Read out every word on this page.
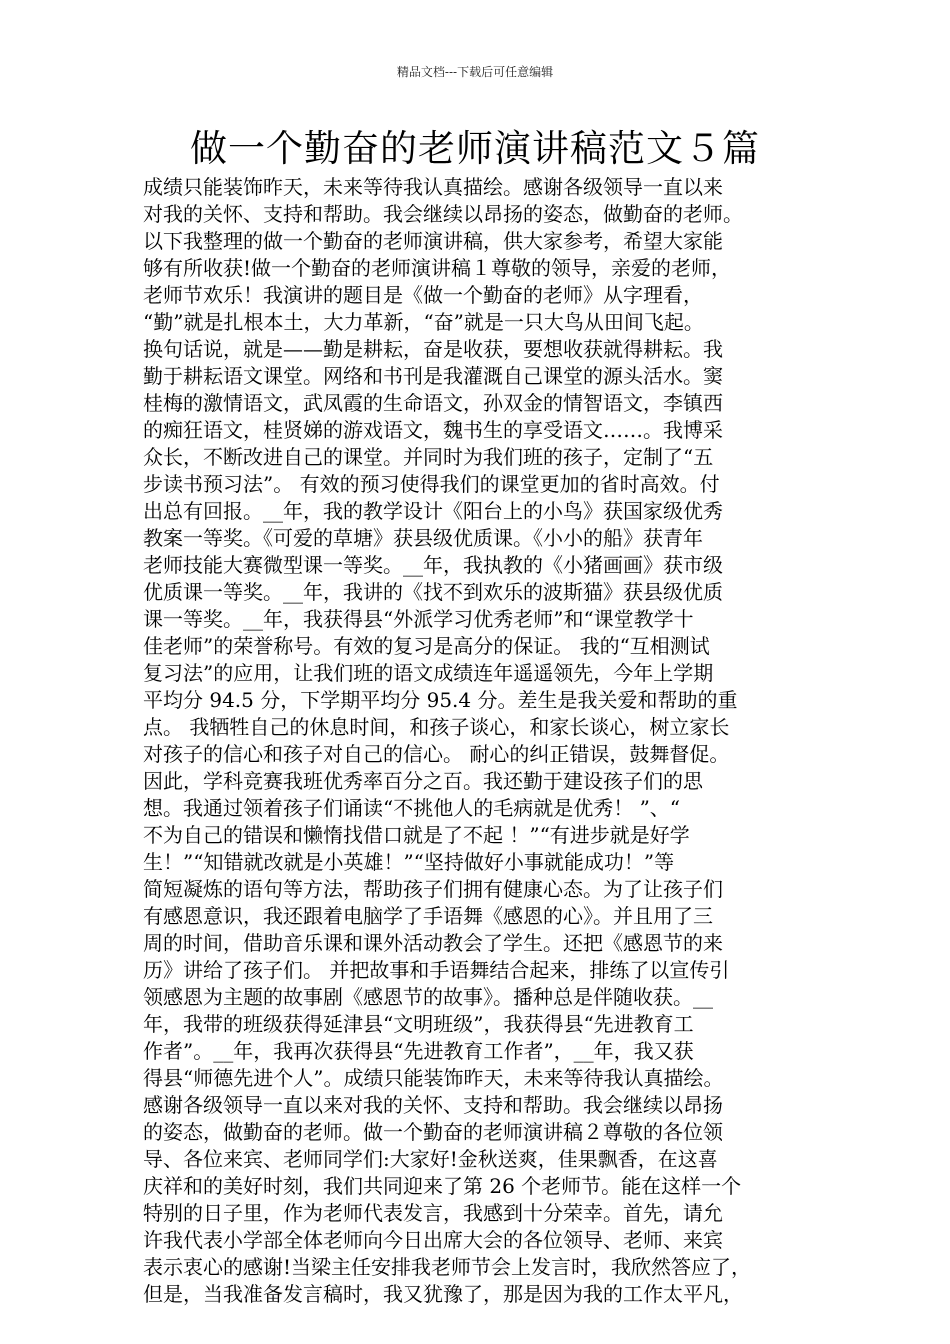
精品文档---下载后可任意编辑
做一个勤奋的老师演讲稿范文５篇
成绩只能装饰昨天，未来等待我认真描绘。感谢各级领导一直以来
对我的关怀、支持和帮助。我会继续以昂扬的姿态，做勤奋的老师。
以下我整理的做一个勤奋的老师演讲稿，供大家参考，希望大家能
够有所收获!做一个勤奋的老师演讲稿１尊敬的领导，亲爱的老师，
老师节欢乐！我演讲的题目是《做一个勤奋的老师》从字理看，
“勤”就是扎根本土，大力革新，“奋”就是一只大鸟从田间飞起。
换句话说，就是——勤是耕耘，奋是收获，要想收获就得耕耘。我
勤于耕耘语文课堂。网络和书刊是我灌溉自己课堂的源头活水。窦
桂梅的激情语文，武凤霞的生命语文，孙双金的情智语文，李镇西
的痴狂语文，桂贤娣的游戏语文，魏书生的享受语文……。我博采
众长，不断改进自己的课堂。并同时为我们班的孩子，定制了“五
步读书预习法”。 有效的预习使得我们的课堂更加的省时高效。付
出总有回报。__年，我的教学设计《阳台上的小鸟》获国家级优秀
教案一等奖。《可爱的草塘》获县级优质课。《小小的船》获青年
老师技能大赛微型课一等奖。__年，我执教的《小猪画画》获市级
优质课一等奖。__年，我讲的《找不到欢乐的波斯猫》获县级优质
课一等奖。__年，我获得县“外派学习优秀老师”和“课堂教学十
佳老师”的荣誉称号。有效的复习是高分的保证。 我的“互相测试
复习法”的应用，让我们班的语文成绩连年遥遥领先，今年上学期
平均分 94.5 分，下学期平均分 95.4 分。差生是我关爱和帮助的重
点。 我牺牲自己的休息时间，和孩子谈心，和家长谈心，树立家长
对孩子的信心和孩子对自己的信心。 耐心的纠正错误，鼓舞督促。
因此，学科竞赛我班优秀率百分之百。我还勤于建设孩子们的思
想。我通过领着孩子们诵读“不挑他人的毛病就是优秀！ ”、“
不为自己的错误和懒惰找借口就是了不起 ！”“有进步就是好学
生！”“知错就改就是小英雄！”“坚持做好小事就能成功！”等
简短凝炼的语句等方法，帮助孩子们拥有健康心态。为了让孩子们
有感恩意识，我还跟着电脑学了手语舞《感恩的心》。并且用了三
周的时间，借助音乐课和课外活动教会了学生。还把《感恩节的来
历》讲给了孩子们。 并把故事和手语舞结合起来，排练了以宣传引
领感恩为主题的故事剧《感恩节的故事》。播种总是伴随收获。__
年，我带的班级获得延津县“文明班级”，我获得县“先进教育工
作者”。__年，我再次获得县“先进教育工作者”，__年，我又获
得县“师德先进个人”。成绩只能装饰昨天，未来等待我认真描绘。
感谢各级领导一直以来对我的关怀、支持和帮助。我会继续以昂扬
的姿态，做勤奋的老师。做一个勤奋的老师演讲稿２尊敬的各位领
导、各位来宾、老师同学们:大家好!金秋送爽，佳果飘香，在这喜
庆祥和的美好时刻，我们共同迎来了第 26 个老师节。能在这样一个
特别的日子里，作为老师代表发言，我感到十分荣幸。首先，请允
许我代表小学部全体老师向今日出席大会的各位领导、老师、来宾
表示衷心的感谢!当梁主任安排我老师节会上发言时，我欣然答应了，
但是，当我准备发言稿时，我又犹豫了，那是因为我的工作太平凡，
